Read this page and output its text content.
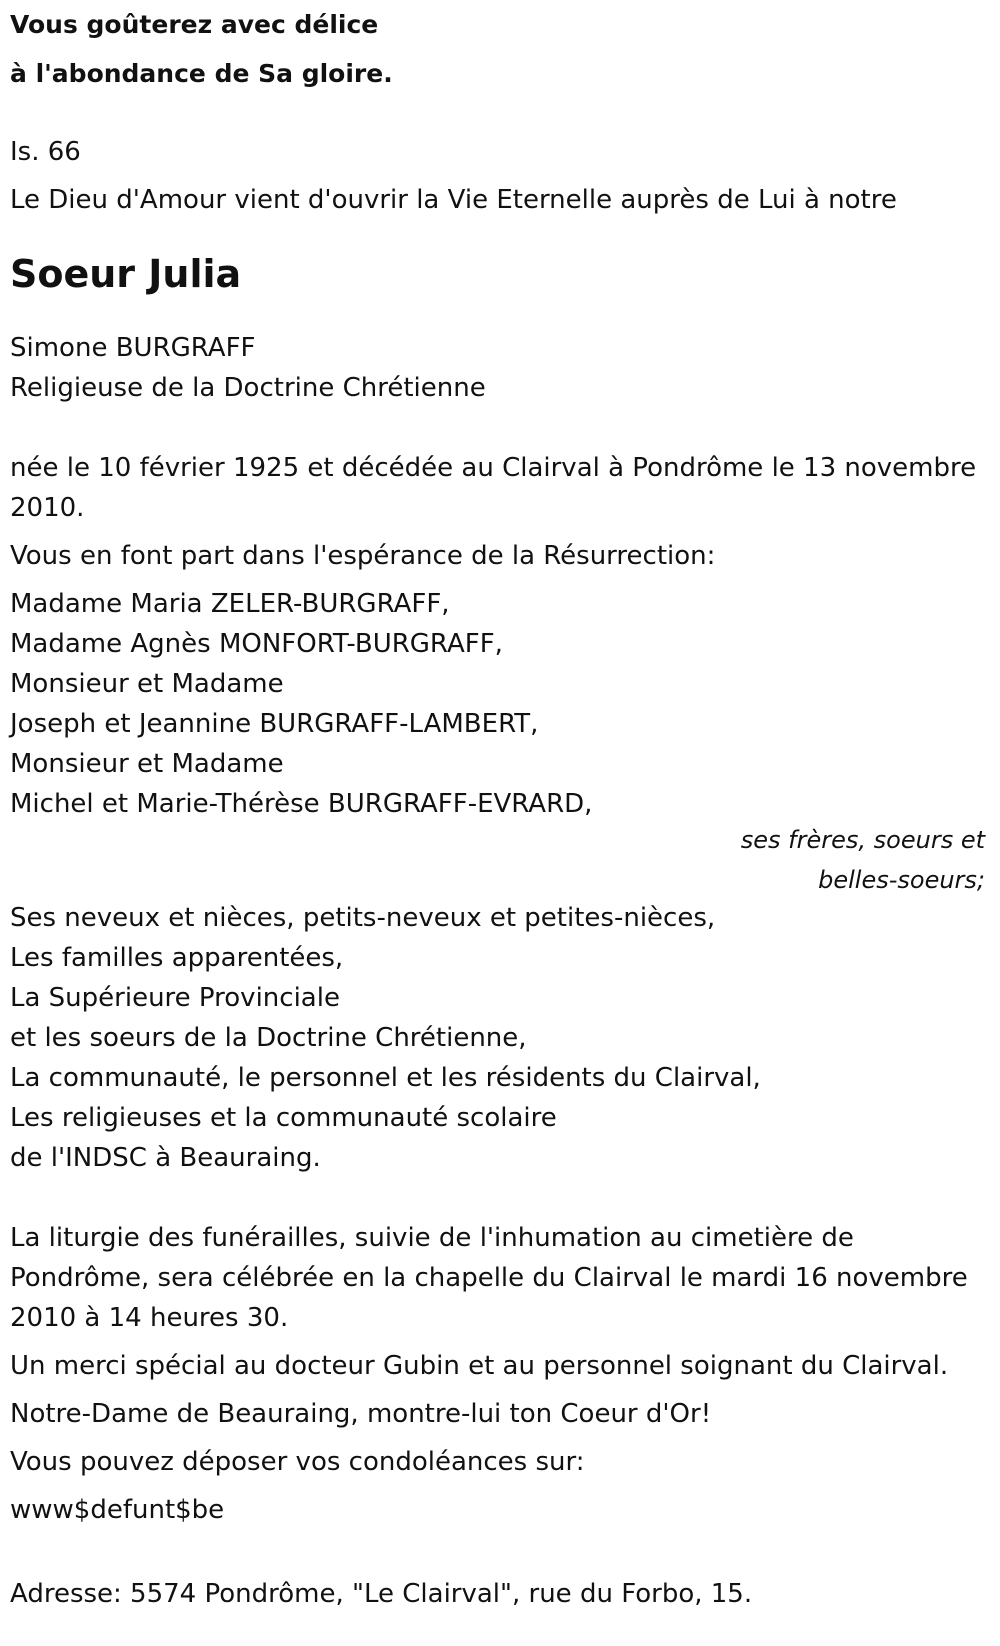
Vous goûterez avec délice
à l'abondance de Sa gloire.
Is. 66
Le Dieu d'Amour vient d'ouvrir la Vie Eternelle auprès de Lui à notre
Soeur Julia
Simone BURGRAFF
Religieuse de la Doctrine Chrétienne
née le 10 février 1925 et décédée au Clairval à Pondrôme le 13 novembre
2010.
Vous en font part dans l'espérance de la Résurrection:
Madame Maria ZELER-BURGRAFF,
Madame Agnès MONFORT-BURGRAFF,
Monsieur et Madame
Joseph et Jeannine BURGRAFF-LAMBERT,
Monsieur et Madame
Michel et Marie-Thérèse BURGRAFF-EVRARD,
ses frères, soeurs et
belles-soeurs;
Ses neveux et nièces, petits-neveux et petites-nièces,
Les familles apparentées,
La Supérieure Provinciale
et les soeurs de la Doctrine Chrétienne,
La communauté, le personnel et les résidents du Clairval,
Les religieuses et la communauté scolaire
de l'INDSC à Beauraing.
La liturgie des funérailles, suivie de l'inhumation au cimetière de
Pondrôme, sera célébrée en la chapelle du Clairval le mardi 16 novembre
2010 à 14 heures 30.
Un merci spécial au docteur Gubin et au personnel soignant du Clairval.
Notre-Dame de Beauraing, montre-lui ton Coeur d'Or!
Vous pouvez déposer vos condoléances sur:
www$defunt$be
Adresse: 5574 Pondrôme, "Le Clairval", rue du Forbo, 15.
